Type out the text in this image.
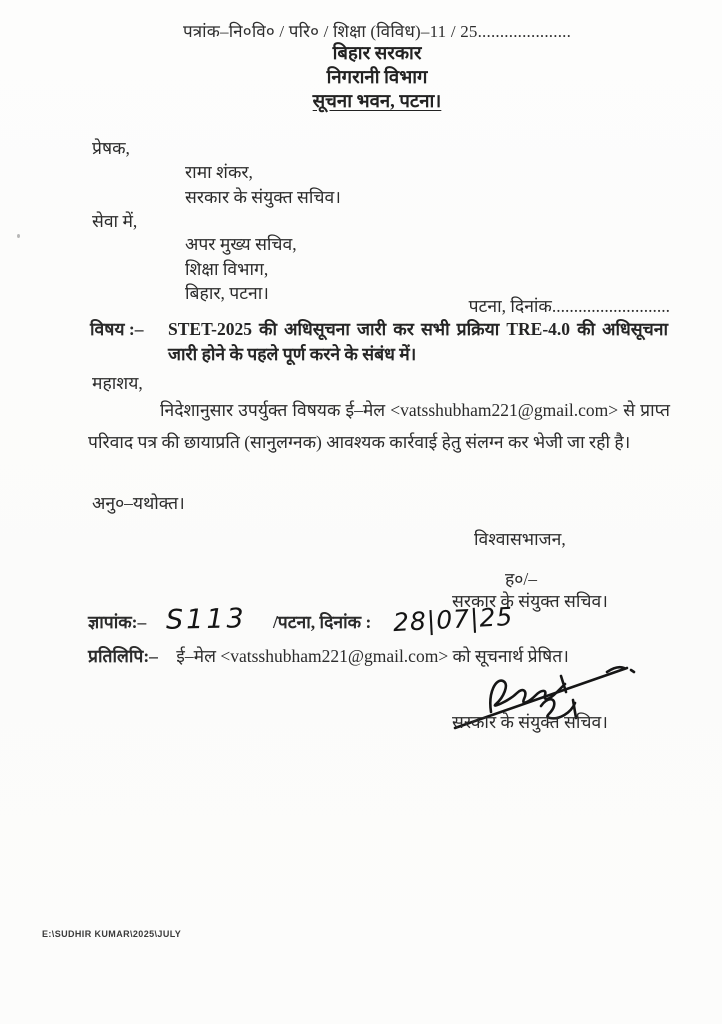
पत्रांक–नि०वि० / परि० / शिक्षा (विविध)–11 / 25.....................
बिहार सरकार
निगरानी विभाग
सूचना भवन, पटना।
प्रेषक,
रामा शंकर,
सरकार के संयुक्त सचिव।
सेवा में,
अपर मुख्य सचिव,
शिक्षा विभाग,
बिहार, पटना।
पटना, दिनांक...........................
विषय :–	STET-2025 की अधिसूचना जारी कर सभी प्रक्रिया TRE-4.0 की अधिसूचना जारी होने के पहले पूर्ण करने के संबंध में।
महाशय,
निदेशानुसार उपर्युक्त विषयक ई–मेल <vatsshubham221@gmail.com> से प्राप्त परिवाद पत्र की छायाप्रति (सानुलग्नक) आवश्यक कार्रवाई हेतु संलग्न कर भेजी जा रही है।
अनु०–यथोक्त।
विश्वासभाजन,
ह०/–
सरकार के संयुक्त सचिव।
ज्ञापांक:– S113 /पटना, दिनांक : 28|07|25
प्रतिलिपि:– ई–मेल <vatsshubham221@gmail.com> को सूचनार्थ प्रेषित।
सरकार के संयुक्त सचिव।
E:\SUDHIR KUMAR\2025\JULY
